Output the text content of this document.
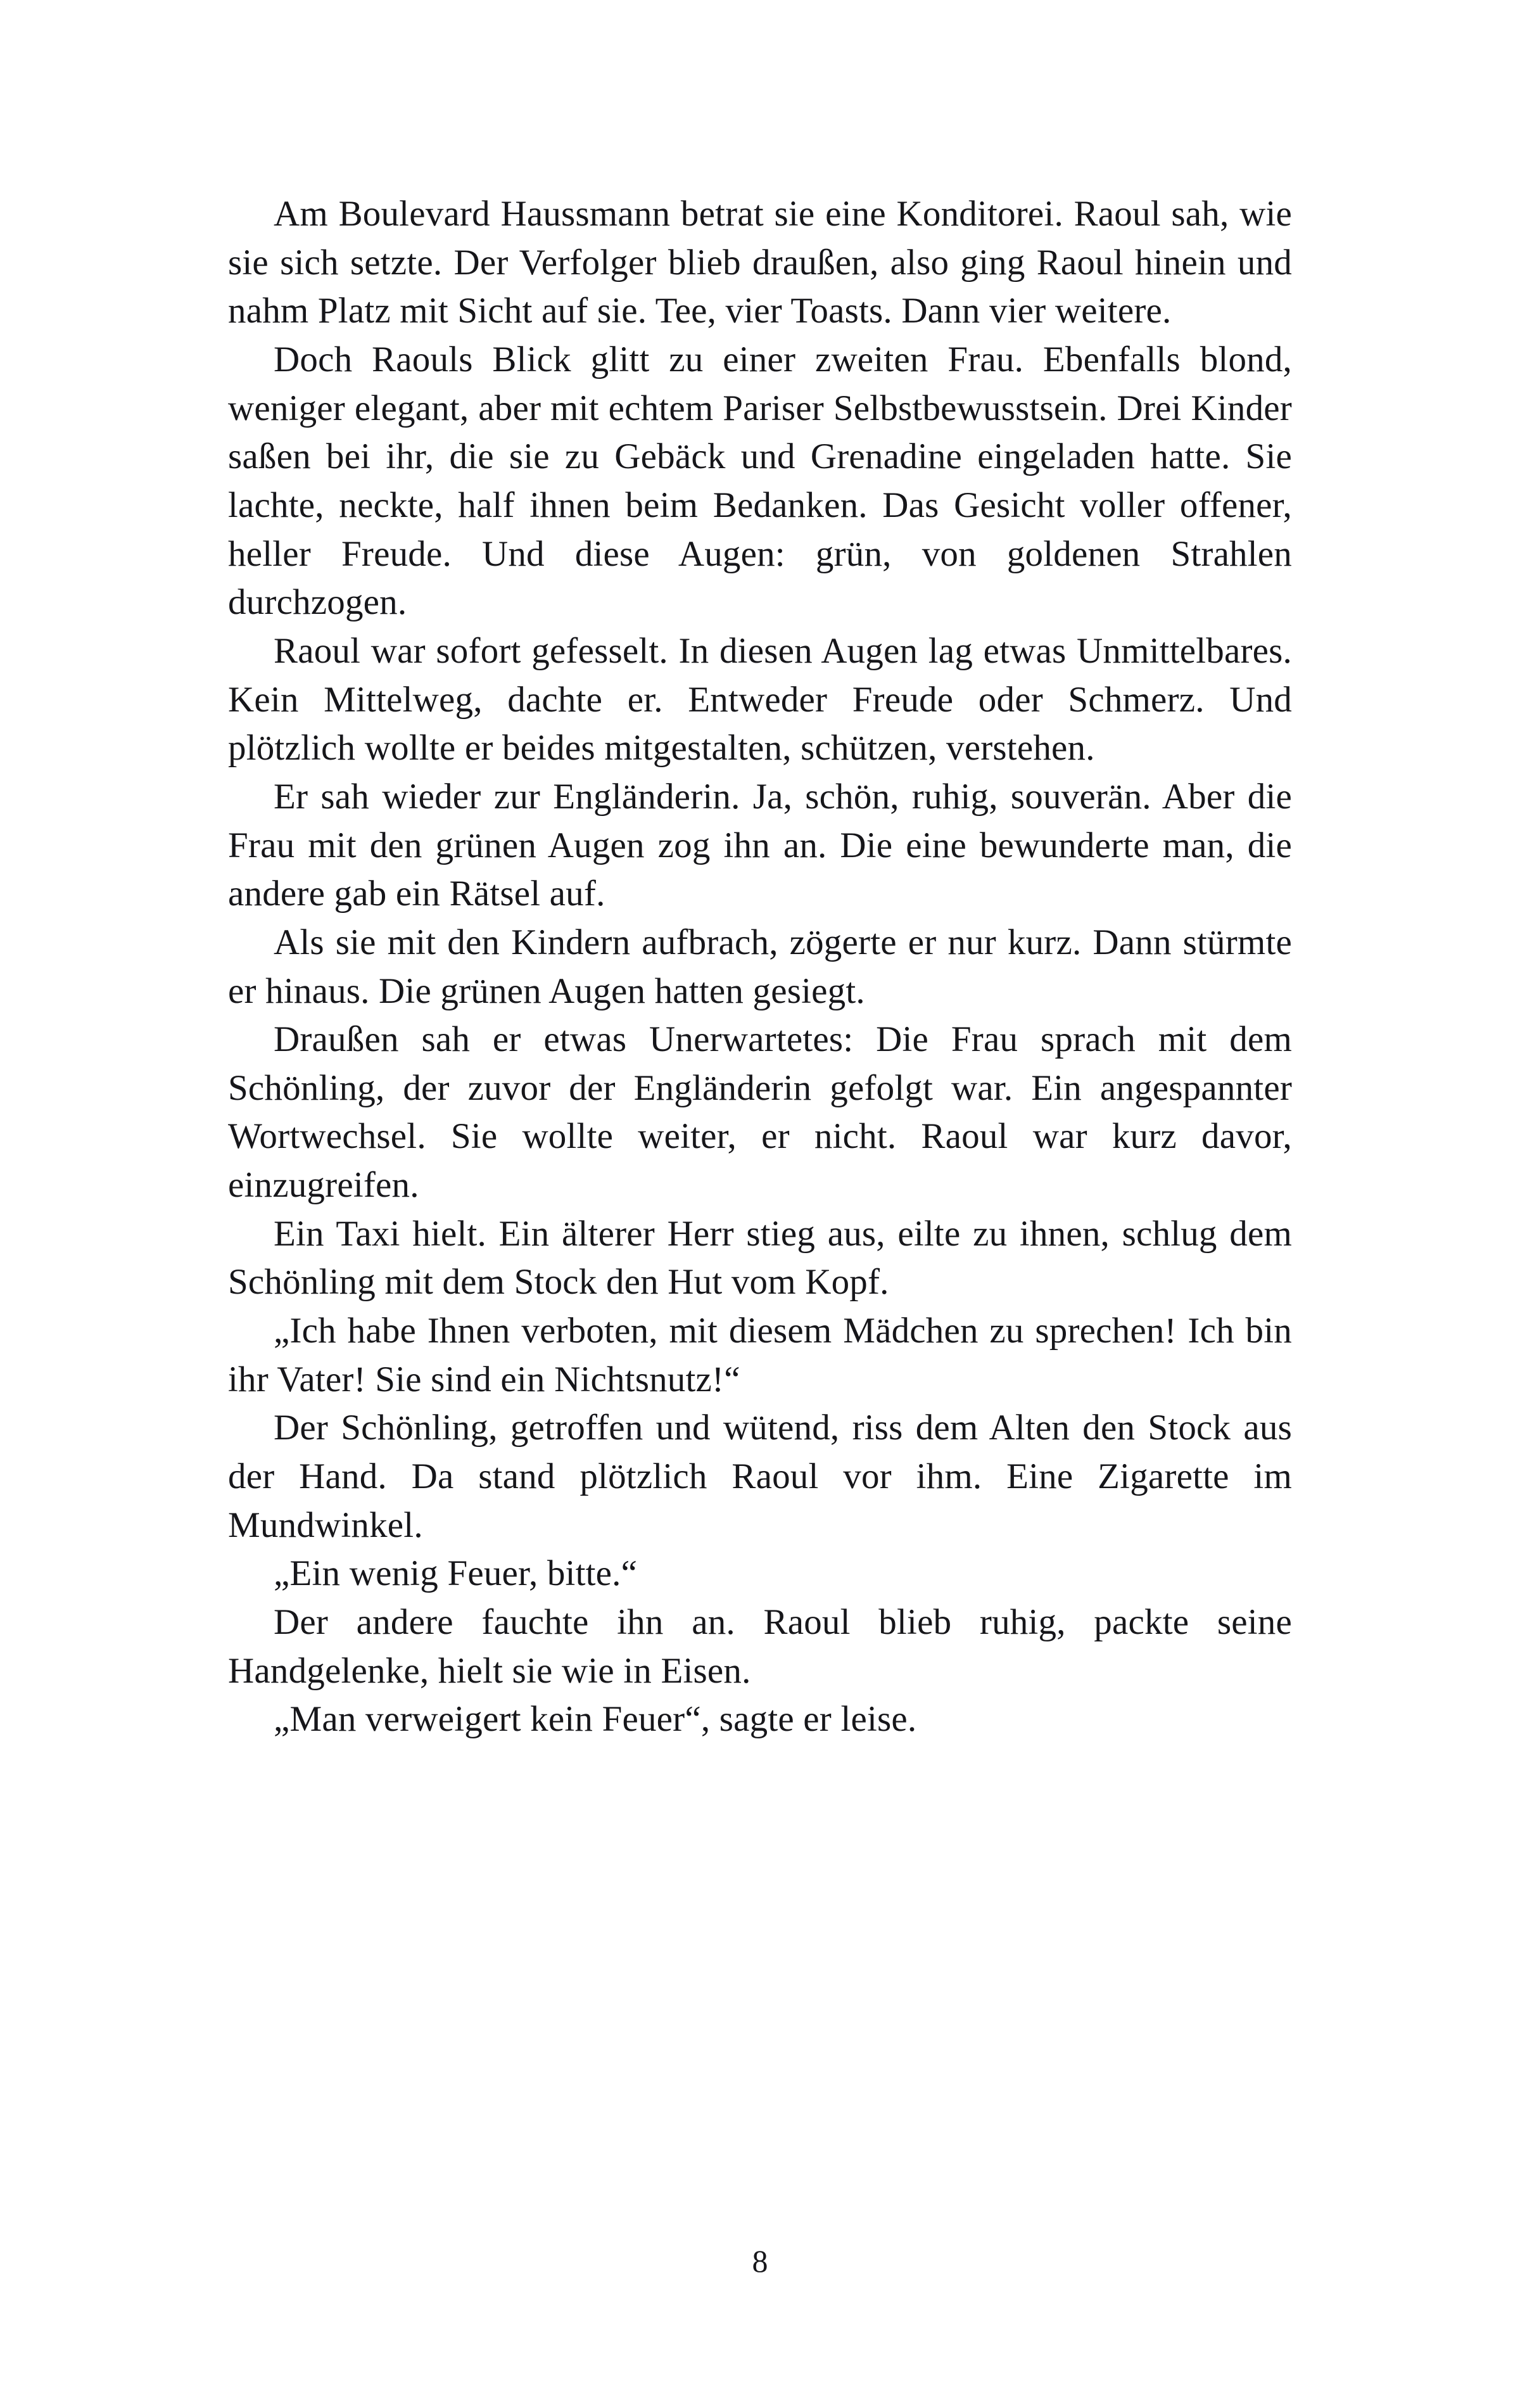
Am Boulevard Haussmann betrat sie eine Konditorei. Raoul sah, wie sie sich setzte. Der Verfolger blieb draußen, also ging Raoul hinein und nahm Platz mit Sicht auf sie. Tee, vier Toasts. Dann vier weitere.

Doch Raouls Blick glitt zu einer zweiten Frau. Ebenfalls blond, weniger elegant, aber mit echtem Pariser Selbstbewusstsein. Drei Kinder saßen bei ihr, die sie zu Gebäck und Grenadine eingeladen hatte. Sie lachte, neckte, half ihnen beim Bedanken. Das Gesicht voller offener, heller Freude. Und diese Augen: grün, von goldenen Strahlen durchzogen.

Raoul war sofort gefesselt. In diesen Augen lag etwas Unmittelbares. Kein Mittelweg, dachte er. Entweder Freude oder Schmerz. Und plötzlich wollte er beides mitgestalten, schützen, verstehen.

Er sah wieder zur Engländerin. Ja, schön, ruhig, souverän. Aber die Frau mit den grünen Augen zog ihn an. Die eine bewunderte man, die andere gab ein Rätsel auf.

Als sie mit den Kindern aufbrach, zögerte er nur kurz. Dann stürmte er hinaus. Die grünen Augen hatten gesiegt.

Draußen sah er etwas Unerwartetes: Die Frau sprach mit dem Schönling, der zuvor der Engländerin gefolgt war. Ein angespannter Wortwechsel. Sie wollte weiter, er nicht. Raoul war kurz davor, einzugreifen.

Ein Taxi hielt. Ein älterer Herr stieg aus, eilte zu ihnen, schlug dem Schönling mit dem Stock den Hut vom Kopf.

„Ich habe Ihnen verboten, mit diesem Mädchen zu sprechen! Ich bin ihr Vater! Sie sind ein Nichtsnutz!“

Der Schönling, getroffen und wütend, riss dem Alten den Stock aus der Hand. Da stand plötzlich Raoul vor ihm. Eine Zigarette im Mundwinkel.

„Ein wenig Feuer, bitte.“

Der andere fauchte ihn an. Raoul blieb ruhig, packte seine Handgelenke, hielt sie wie in Eisen.

„Man verweigert kein Feuer“, sagte er leise.

8
